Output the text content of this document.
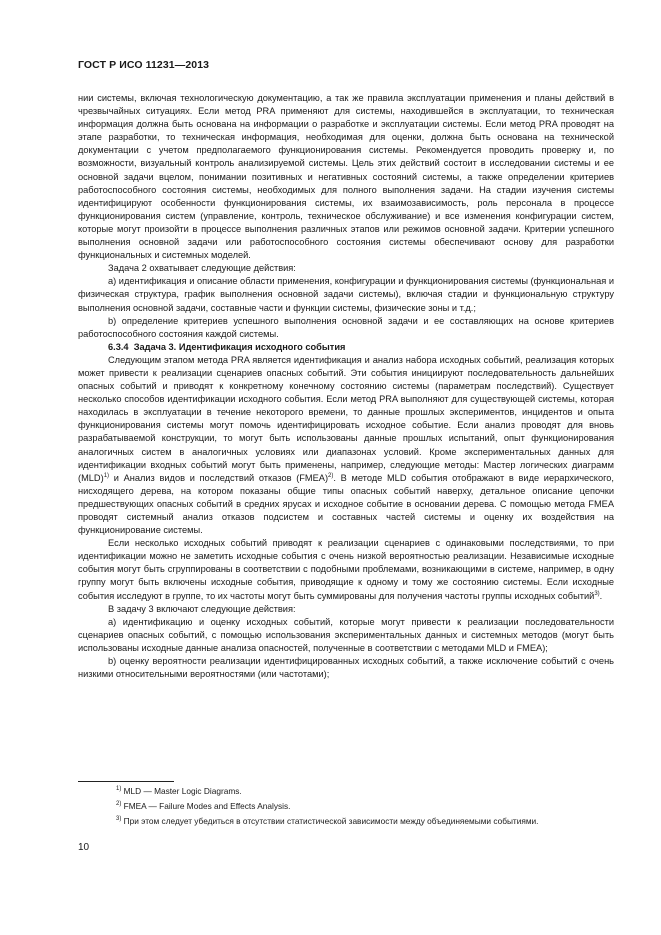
ГОСТ Р ИСО 11231—2013

нии системы, включая технологическую документацию, а так же правила эксплуатации применения и планы действий в чрезвычайных ситуациях. Если метод PRA применяют для системы, находившейся в эксплуатации, то техническая информация должна быть основана на информации о разработке и эксплуатации системы. Если метод PRA проводят на этапе разработки, то техническая информация, необходимая для оценки, должна быть основана на технической документации с учетом предполагаемого функционирования системы. Рекомендуется проводить проверку и, по возможности, визуальный контроль анализируемой системы. Цель этих действий состоит в исследовании системы и ее основной задачи вцелом, понимании позитивных и негативных состояний системы, а также определении критериев работоспособного состояния системы, необходимых для полного выполнения задачи. На стадии изучения системы идентифицируют особенности функционирования системы, их взаимозависимость, роль персонала в процессе функционирования систем (управление, контроль, техническое обслуживание) и все изменения конфигурации систем, которые могут произойти в процессе выполнения различных этапов или режимов основной задачи. Критерии успешного выполнения основной задачи или работоспособного состояния системы обеспечивают основу для разработки функциональных и системных моделей.

Задача 2 охватывает следующие действия:

а) идентификация и описание области применения, конфигурации и функционирования системы (функциональная и физическая структура, график выполнения основной задачи системы), включая стадии и функциональную структуру выполнения основной задачи, составные части и функции системы, физические зоны и т.д.;

b) определение критериев успешного выполнения основной задачи и ее составляющих на основе критериев работоспособного состояния каждой системы.

6.3.4 Задача 3. Идентификация исходного события

Следующим этапом метода PRA является идентификация и анализ набора исходных событий, реализация которых может привести к реализации сценариев опасных событий. Эти события инициируют последовательность дальнейших опасных событий и приводят к конкретному конечному состоянию системы (параметрам последствий). Существует несколько способов идентификации исходного события. Если метод PRA выполняют для существующей системы, которая находилась в эксплуатации в течение некоторого времени, то данные прошлых экспериментов, инцидентов и опыта функционирования системы могут помочь идентифицировать исходное событие. Если анализ проводят для вновь разрабатываемой конструкции, то могут быть использованы данные прошлых испытаний, опыт функционирования аналогичных систем в аналогичных условиях или диапазонах условий. Кроме экспериментальных данных для идентификации входных событий могут быть применены, например, следующие методы: Мастер логических диаграмм (MLD)$^{1)}$ и Анализ видов и последствий отказов (FMEA)$^{2)}$. В методе MLD события отображают в виде иерархического, нисходящего дерева, на котором показаны общие типы опасных событий наверху, детальное описание цепочки предшествующих опасных событий в средних ярусах и исходное событие в основании дерева. С помощью метода FMEA проводят системный анализ отказов подсистем и составных частей системы и оценку их воздействия на функционирование системы.

Если несколько исходных событий приводят к реализации сценариев с одинаковыми последствиями, то при идентификации можно не заметить исходные события с очень низкой вероятностью реализации. Независимые исходные события могут быть сгруппированы в соответствии с подобными проблемами, возникающими в системе, например, в одну группу могут быть включены исходные события, приводящие к одному и тому же состоянию системы. Если исходные события исследуют в группе, то их частоты могут быть суммированы для получения частоты группы исходных событий$^{3)}$.

В задачу 3 включают следующие действия:

а) идентификацию и оценку исходных событий, которые могут привести к реализации последовательности сценариев опасных событий, с помощью использования экспериментальных данных и системных методов (могут быть использованы исходные данные анализа опасностей, полученные в соответствии с методами MLD и FMEA);

b) оценку вероятности реализации идентифицированных исходных событий, а также исключение событий с очень низкими относительными вероятностями (или частотами);

$^{1)}$ MLD — Master Logic Diagrams.

$^{2)}$ FMEA — Failure Modes and Effects Analysis.

$^{3)}$ При этом следует убедиться в отсутствии статистической зависимости между объединяемыми событиями.

10
